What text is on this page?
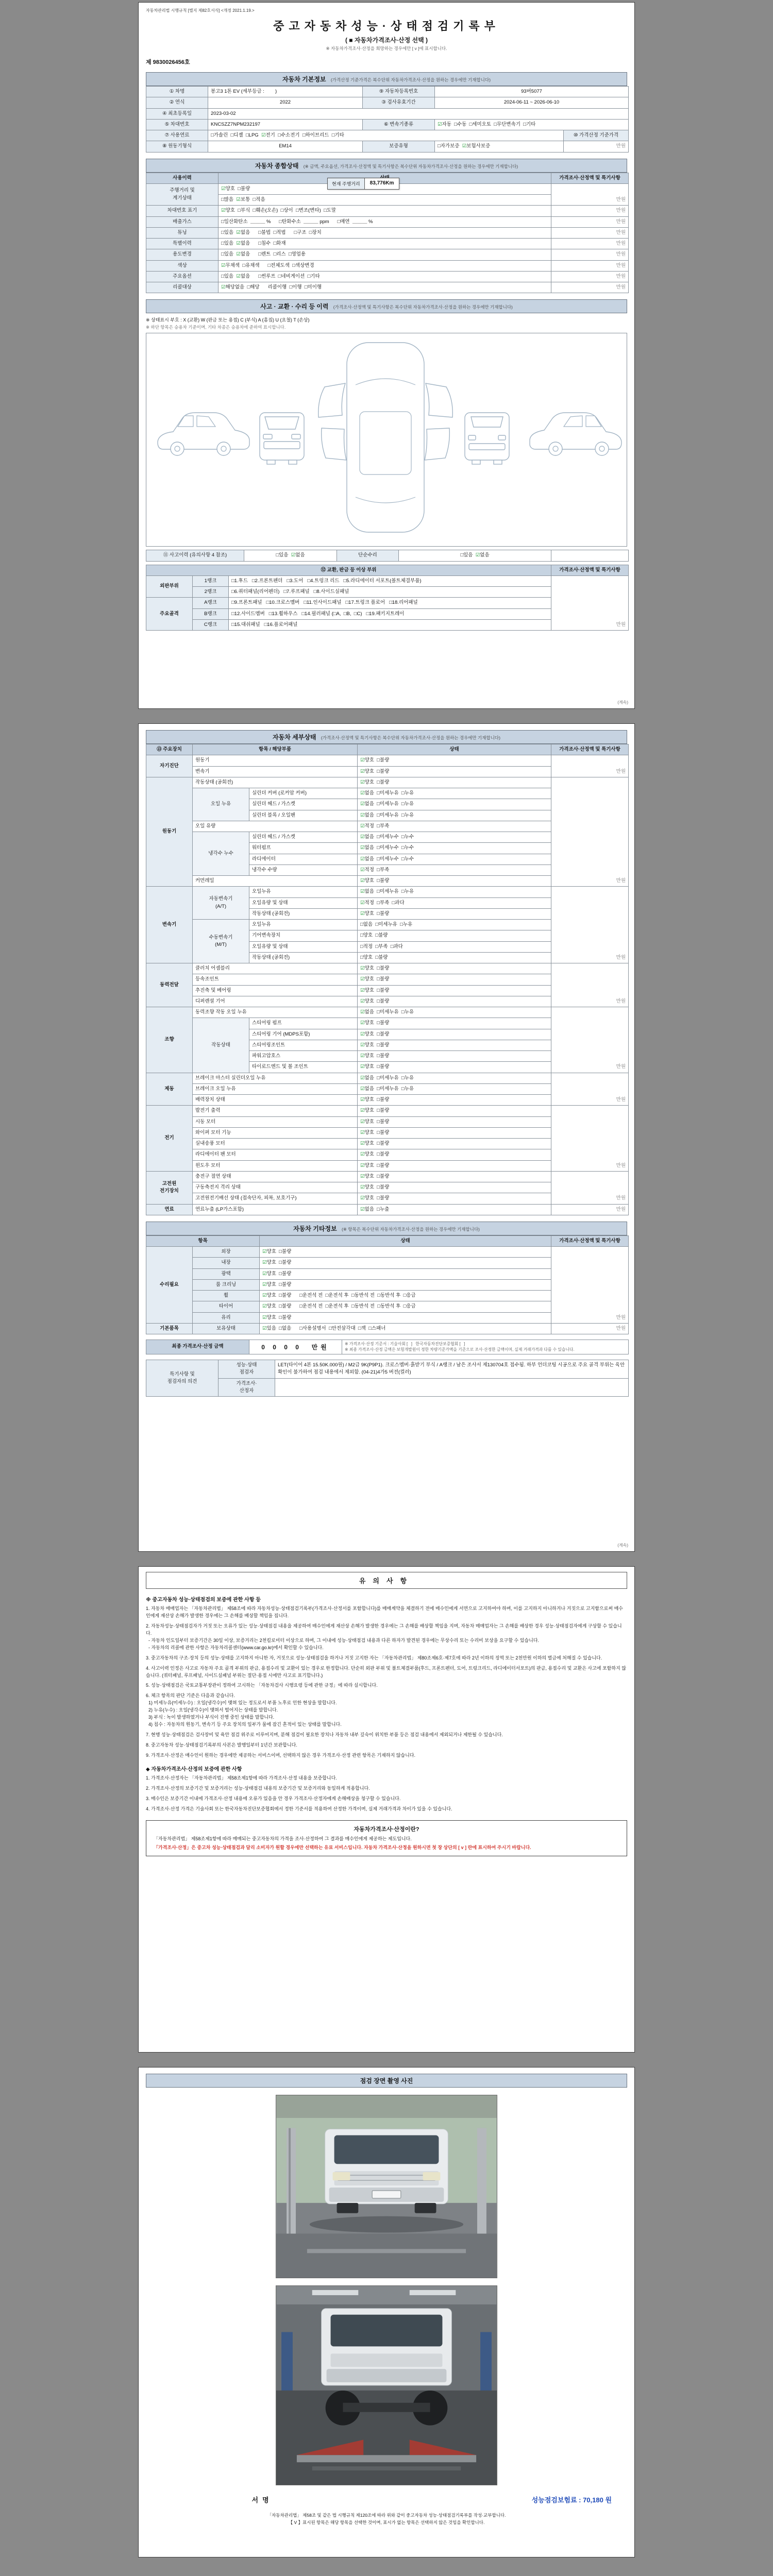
자동차관리법 시행규칙 [별지 제82호서식] <개정 2021.1.19.>
중고자동차성능·상태점검기록부
( ■ 자동차가격조사·산정 선택 )
※ 자동차가격조사·산정을 희망하는 경우에만 [ v ]에 표시합니다.
제 9830026456호
자동차 기본정보 (가격산정 기준가격은 복수단위 자동차가격조사·산정을 원하는 경우에만 기재합니다)
① 차명	봉고3 1톤 EV (세부등급 :        )	⑨ 자동차등록번호	93버5077	
② 연식	2022	③ 검사유효기간	2024-06-11 ~ 2026-06-10	
④ 최초등록일	2023-03-02			
⑤ 차대번호	KNCSZZ7NPM232197	⑥ 변속기종류	☑자동  □수동  □세미오토  □무단변속기  □기타	
⑦ 사용연료	□가솔린  □디젤  □LPG  ☑전기  □수소전기  □하이브리드  □기타			⑩ 가격산정 기준가격
⑧ 원동기형식	EM14	보증유형	□자가보증  ☑보험사보증	만원
자동차 종합상태 (※ 금액, 주요옵션, 가격조사·산정액 및 특기사항은 복수단위 자동차가격조사·산정을 원하는 경우에만 기재합니다)
현재 주행거리	83,776Km
사용이력		가격조사·산정액 및 특기사항
주행거리 및
계기상태	☑양호  □불량	만원
	□많음  ☑보통  □적음	
차대번호 표기	☑양호  □부식  □훼손(오손)  □상이  □변조(변타)  □도말	만원
배출가스	□일산화탄소  ＿＿＿ %      □탄화수소  ＿＿＿ ppm      □매연  ＿＿＿ %	만원
튜닝	□있음  ☑없음      □불법  □적법      □구조  □장치	만원
특별이력	□있음  ☑없음      □침수  □화재	만원
용도변경	□있음  ☑없음      □렌트  □리스  □영업용	만원
색상	☑무채색  □유채색      □전체도색  □색상변경	만원
주요옵션	□있음  ☑없음      □썬루프  □네비게이션  □기타	만원
리콜대상	☑해당없음  □해당      리콜이행  □이행  □미이행	만원
사고 · 교환 · 수리 등 이력 (가격조사·산정액 및 특기사항은 복수단위 자동차가격조사·산정을 원하는 경우에만 기재합니다)
※ 상태표시 부호 : X (교환) W (판금 또는 용접) C (부식) A (흠집) U (요철) T (손상)
※ 하단 항목은 승용차 기준이며, 기타 차종은 승용차에 준하여 표시합니다.
⑪ 사고이력 (유의사항 4 참조)	□있음  ☑없음	단순수리	□있음  ☑없음	
⑫ 교환, 판금 등 이상 부위			가격조사·산정액 및 특기사항
외판부위	1랭크	□1.후드   □2.프론트펜더   □3.도어   □4.트렁크 리드   □5.라디에이터 서포트(볼트체결부품)	만원
	2랭크	□6.쿼터패널(리어펜더)   □7.루프패널   □8.사이드실패널	
주요골격	A랭크	□9.프론트패널   □10.크로스멤버   □11.인사이드패널   □17.트렁크 플로어   □18.리어패널	
	B랭크	□12.사이드멤버   □13.휠하우스   □14.필러패널 (□A,  □B,  □C)   □19.패키지트레이	
	C랭크	□15.대쉬패널   □16.플로어패널	
(계속)
자동차 세부상태 (가격조사·산정액 및 특기사항은 복수단위 자동차가격조사·산정을 원하는 경우에만 기재합니다)
⑬ 주요장치	항목 / 해당부품		상태	가격조사·산정액 및 특기사항
자기진단	원동기		☑양호  □불량	만원
	변속기		☑양호  □불량	
원동기	작동상태 (공회전)		☑양호  □불량	만원
	오일 누유	실린더 커버 (로커암 커버)	☑없음  □미세누유  □누유	
		실린더 헤드 / 가스켓	☑없음  □미세누유  □누유	
		실린더 블록 / 오일팬	☑없음  □미세누유  □누유	
	오일 유량		☑적정  □부족	
	냉각수 누수	실린더 헤드 / 가스켓	☑없음  □미세누수  □누수	
		워터펌프	☑없음  □미세누수  □누수	
		라디에이터	☑없음  □미세누수  □누수	
		냉각수 수량	☑적정  □부족	
	커먼레일		☑양호  □불량	
변속기	자동변속기
(A/T)	오일누유	☑없음  □미세누유  □누유	만원
		오일유량 및 상태	☑적정  □부족  □과다	
		작동상태 (공회전)	☑양호  □불량	
	수동변속기
(M/T)	오일누유	□없음  □미세누유  □누유	
		기어변속장치	□양호  □불량	
		오일유량 및 상태	□적정  □부족  □과다	
		작동상태 (공회전)	□양호  □불량	
동력전달	클러치 어셈블리		☑양호  □불량	만원
	등속조인트		☑양호  □불량	
	추진축 및 베어링		☑양호  □불량	
	디퍼렌셜 기어		☑양호  □불량	
조향	동력조향 작동 오일 누유		☑없음  □미세누유  □누유	만원
	작동상태	스티어링 펌프	☑양호  □불량	
		스티어링 기어 (MDPS포함)	☑양호  □불량	
		스티어링조인트	☑양호  □불량	
		파워고압호스	☑양호  □불량	
		타이로드엔드 및 볼 조인트	☑양호  □불량	
제동	브레이크 마스터 실린더오일 누유		☑없음  □미세누유  □누유	만원
	브레이크 오일 누유		☑없음  □미세누유  □누유	
	배력장치 상태		☑양호  □불량	
전기	발전기 출력		☑양호  □불량	만원
	시동 모터		☑양호  □불량	
	와이퍼 모터 기능		☑양호  □불량	
	실내송풍 모터		☑양호  □불량	
	라디에이터 팬 모터		☑양호  □불량	
	윈도우 모터		☑양호  □불량	
고전원
전기장치	충전구 절연 상태		☑양호  □불량	만원
	구동축전지 격리 상태		☑양호  □불량	
	고전원전기배선 상태 (접속단자, 피복, 보호기구)		☑양호  □불량	
연료	연료누출 (LP가스포함)		☑없음  □누출	만원
자동차 기타정보 (※ 항목은 복수단위 자동차가격조사·산정을 원하는 경우에만 기재합니다)
항목		상태	가격조사·산정액 및 특기사항
수리필요	외장	☑양호  □불량	만원
	내장	☑양호  □불량	
	광택	☑양호  □불량	
	룸 크리닝	☑양호  □불량	
	휠	☑양호  □불량      □운전석 전  □운전석 후  □동반석 전  □동반석 후  □응급	
	타이어	☑양호  □불량      □운전석 전  □운전석 후  □동반석 전  □동반석 후  □응급	
	유리	☑양호  □불량	
기본품목	보유상태	☑있음  □없음      □사용설명서  □안전삼각대  □잭  □스패너	만원
최종 가격조사·산정 금액	0 0 0 0  만원	※ 가격조사·산정 기준서 : 기술사회 [   ]   한국자동차진단보증협회 [   ]
※ 최종 가격조사·산정 금액은 보험개발원이 정한 차량기준가액을 기준으로 조사·산정한 금액이며, 실제 거래가격과 다를 수 있습니다.
특기사항 및
점검자의 의견	성능·상태
점검자	LET(타이어 4본 15.50K.000원) / M2급 9K(P9P1). 크로스멤버·흙받기 부식 / A랭크 / 남은 조사서 제130704호 접수됨. 하부 언더코팅 시공으로 주요 골격 부위는 육안 확인이 불가하여 점검 내용에서 제외함. (04-21)4가5 버전(컬러)
	가격조사·
산정자	
(계속)
유의사항
※ 중고자동차 성능·상태점검의 보증에 관한 사항 등

1. 자동차 매매업자는 「자동차관리법」 제58조에 따라 자동차성능·상태점검기록부(가격조사·산정서를 포함합니다)를 매매계약을 체결하기 전에 매수인에게 서면으로 고지하여야 하며, 이를 고지하지 아니하거나 거짓으로 고지함으로써 매수인에게 재산상 손해가 발생한 경우에는 그 손해를 배상할 책임을 집니다.

2. 자동차성능·상태점검자가 거짓 또는 오류가 있는 성능·상태점검 내용을 제공하여 매수인에게 재산상 손해가 발생한 경우에는 그 손해를 배상할 책임을 지며, 자동차 매매업자는 그 손해를 배상한 경우 성능·상태점검자에게 구상할 수 있습니다.
- 자동차 인도일부터 보증기간은 30일 이상, 보증거리는 2천킬로미터 이상으로 하며, 그 이내에 성능·상태점검 내용과 다른 하자가 발견된 경우에는 무상수리 또는 수리비 보상을 요구할 수 있습니다.
- 자동차의 리콜에 관한 사항은 자동차리콜센터(www.car.go.kr)에서 확인할 수 있습니다.

3. 중고자동차의 구조·장치 등의 성능·상태를 고지하지 아니한 자, 거짓으로 성능·상태점검을 하거나 거짓 고지한 자는 「자동차관리법」 제80조제6호·제7호에 따라 2년 이하의 징역 또는 2천만원 이하의 벌금에 처해질 수 있습니다.

4. 사고이력 인정은 사고로 자동차 주요 골격 부위의 판금, 용접수리 및 교환이 있는 경우로 한정합니다. 단순히 외판 부위 및 볼트체결부품(후드, 프론트펜더, 도어, 트렁크리드, 라디에이터서포트)의 판금, 용접수리 및 교환은 사고에 포함하지 않습니다. (쿼터패널, 루프패널, 사이드실패널 부위는 절단·용접 시에만 사고로 표기합니다.)

5. 성능·상태점검은 국토교통부장관이 정하여 고시하는 「자동차검사 시행요령 등에 관한 규정」에 따라 실시합니다.

6. 체크 항목의 판단 기준은 다음과 같습니다.
1) 미세누유(미세누수) : 오일(냉각수)이 맺혀 있는 정도로서 부품 노후로 인한 현상을 말합니다.
2) 누유(누수) : 오일(냉각수)이 맺혀서 떨어지는 상태를 말합니다.
3) 부식 : 녹이 발생하였거나 부식이 진행 중인 상태를 말합니다.
4) 침수 : 자동차의 원동기, 변속기 등 주요 장치의 일부가 물에 잠긴 흔적이 있는 상태를 말합니다.

7. 현행 성능·상태점검은 검사장비 및 육안 점검 위주로 이루어지며, 분해 점검이 필요한 장치나 자동차 내부 깊숙이 위치한 부품 등은 점검 내용에서 제외되거나 제한될 수 있습니다.

8. 중고자동차 성능·상태점검기록부의 사본은 발행일부터 1년간 보관합니다.

9. 가격조사·산정은 매수인이 원하는 경우에만 제공하는 서비스이며, 선택하지 않은 경우 가격조사·산정 관련 항목은 기재하지 않습니다.

◆ 자동차가격조사·산정의 보증에 관한 사항

1. 가격조사·산정자는 「자동차관리법」 제58조제1항에 따라 가격조사·산정 내용을 보증합니다.

2. 가격조사·산정의 보증기간 및 보증거리는 성능·상태점검 내용의 보증기간 및 보증거리와 동일하게 적용합니다.

3. 매수인은 보증기간 이내에 가격조사·산정 내용에 오류가 있음을 안 경우 가격조사·산정자에게 손해배상을 청구할 수 있습니다.

4. 가격조사·산정 가격은 기술사회 또는 한국자동차진단보증협회에서 정한 기준서를 적용하여 산정한 가격이며, 실제 거래가격과 차이가 있을 수 있습니다.

자동차가격조사·산정이란?
「자동차관리법」 제58조제1항에 따라 매매되는 중고자동차의 가격을 조사·산정하여 그 결과를 매수인에게 제공하는 제도입니다.
「가격조사·산정」은 중고차 성능·상태점검과 달리 소비자가 원할 경우에만 선택하는 유료 서비스입니다. 자동차 가격조사·산정을 원하시면 첫 장 상단의 [ v ] 란에 표시하여 주시기 바랍니다.
점검 장면 촬영 사진
서명	성능점검보험료 : 70,180 원
「자동차관리법」 제58조 및 같은 법 시행규칙 제120조에 따라 위와 같이 중고자동차 성능·상태점검기록부를 작성·교부합니다.
【 V 】표시된 항목은 해당 항목을 선택한 것이며, 표시가 없는 항목은 선택하지 않은 것임을 확인합니다.
